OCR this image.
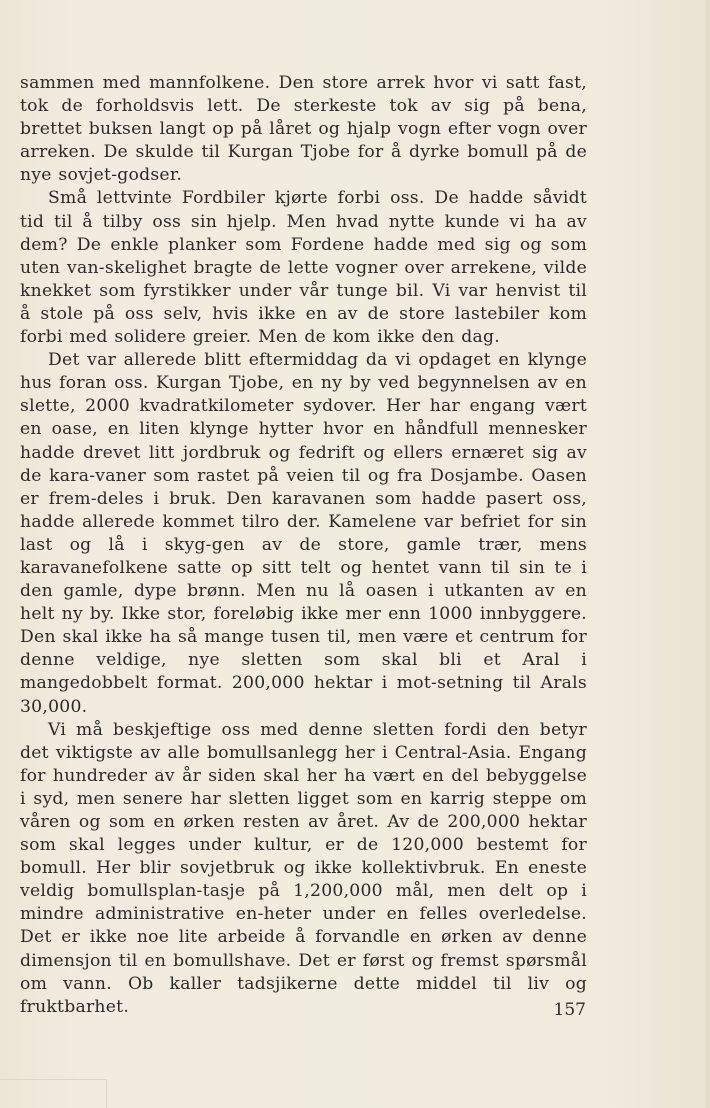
sammen med mannfolkene. Den store arrek hvor vi satt fast, tok de forholdsvis lett. De sterkeste tok av sig på bena, brettet buksen langt op på låret og hjalp vogn efter vogn over arreken. De skulde til Kurgan Tjobe for å dyrke bomull på de nye sovjet-godser.

Små lettvinte Fordbiler kjørte forbi oss. De hadde såvidt tid til å tilby oss sin hjelp. Men hvad nytte kunde vi ha av dem? De enkle planker som Fordene hadde med sig og som uten van-skelighet bragte de lette vogner over arrekene, vilde knekket som fyrstikker under vår tunge bil. Vi var henvist til å stole på oss selv, hvis ikke en av de store lastebiler kom forbi med solidere greier. Men de kom ikke den dag.

Det var allerede blitt eftermiddag da vi opdaget en klynge hus foran oss. Kurgan Tjobe, en ny by ved begynnelsen av en slette, 2000 kvadratkilometer sydover. Her har engang vært en oase, en liten klynge hytter hvor en håndfull mennesker hadde drevet litt jordbruk og fedrift og ellers ernæret sig av de kara-vaner som rastet på veien til og fra Dosjambe. Oasen er frem-deles i bruk. Den karavanen som hadde pasert oss, hadde allerede kommet tilro der. Kamelene var befriet for sin last og lå i skyg-gen av de store, gamle trær, mens karavanefolkene satte op sitt telt og hentet vann til sin te i den gamle, dype brønn. Men nu lå oasen i utkanten av en helt ny by. Ikke stor, foreløbig ikke mer enn 1000 innbyggere. Den skal ikke ha så mange tusen til, men være et centrum for denne veldige, nye sletten som skal bli et Aral i mangedobbelt format. 200,000 hektar i mot-setning til Arals 30,000.

Vi må beskjeftige oss med denne sletten fordi den betyr det viktigste av alle bomullsanlegg her i Central-Asia. Engang for hundreder av år siden skal her ha vært en del bebyggelse i syd, men senere har sletten ligget som en karrig steppe om våren og som en ørken resten av året. Av de 200,000 hektar som skal legges under kultur, er de 120,000 bestemt for bomull. Her blir sovjetbruk og ikke kollektivbruk. En eneste veldig bomullsplan-tasje på 1,200,000 mål, men delt op i mindre administrative en-heter under en felles overledelse. Det er ikke noe lite arbeide å forvandle en ørken av denne dimensjon til en bomullshave. Det er først og fremst spørsmål om vann. Ob kaller tadsjikerne dette middel til liv og fruktbarhet.	157
